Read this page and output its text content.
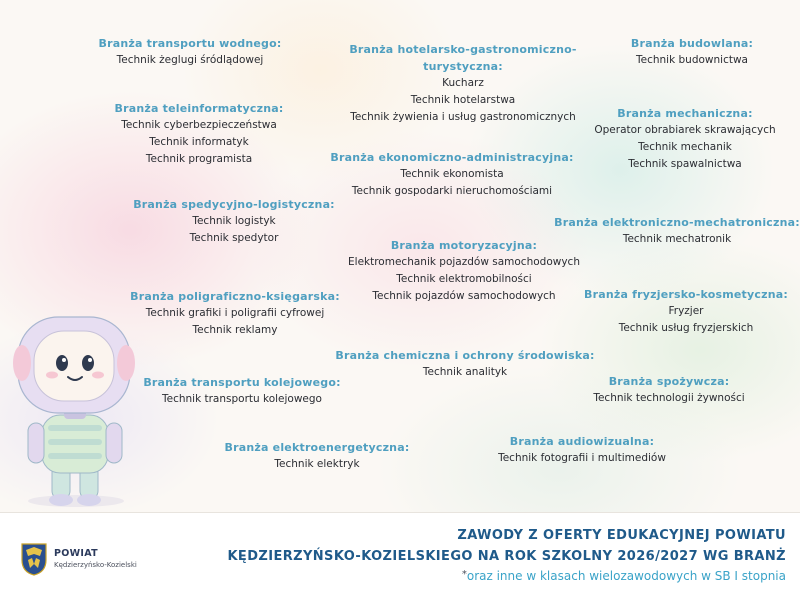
Branża transportu wodnego:
Technik żeglugi śródlądowej
Branża teleinformatyczna:
Technik cyberbezpieczeństwa
Technik informatyk
Technik programista
Branża spedycyjno-logistyczna:
Technik logistyk
Technik spedytor
Branża poligraficzno-księgarska:
Technik grafiki i poligrafii cyfrowej
Technik reklamy
Branża transportu kolejowego:
Technik transportu kolejowego
Branża elektroenergetyczna:
Technik elektryk
Branża hotelarsko-gastronomiczno-
turystyczna:
Kucharz
Technik hotelarstwa
Technik żywienia i usług gastronomicznych
Branża ekonomiczno-administracyjna:
Technik ekonomista
Technik gospodarki nieruchomościami
Branża motoryzacyjna:
Elektromechanik pojazdów samochodowych
Technik elektromobilności
Technik pojazdów samochodowych
Branża chemiczna i ochrony środowiska:
Technik analityk
Branża audiowizualna:
Technik fotografii i multimediów
Branża budowlana:
Technik budownictwa
Branża mechaniczna:
Operator obrabiarek skrawających
Technik mechanik
Technik spawalnictwa
Branża elektroniczno-mechatroniczna:
Technik mechatronik
Branża fryzjersko-kosmetyczna:
Fryzjer
Technik usług fryzjerskich
Branża spożywcza:
Technik technologii żywności
POWIAT
Kędzierzyńsko-Kozielski
ZAWODY Z OFERTY EDUKACYJNEJ POWIATU
KĘDZIERZYŃSKO-KOZIELSKIEGO NA ROK SZKOLNY 2026/2027 WG BRANŻ
*oraz inne w klasach wielozawodowych w SB I stopnia
